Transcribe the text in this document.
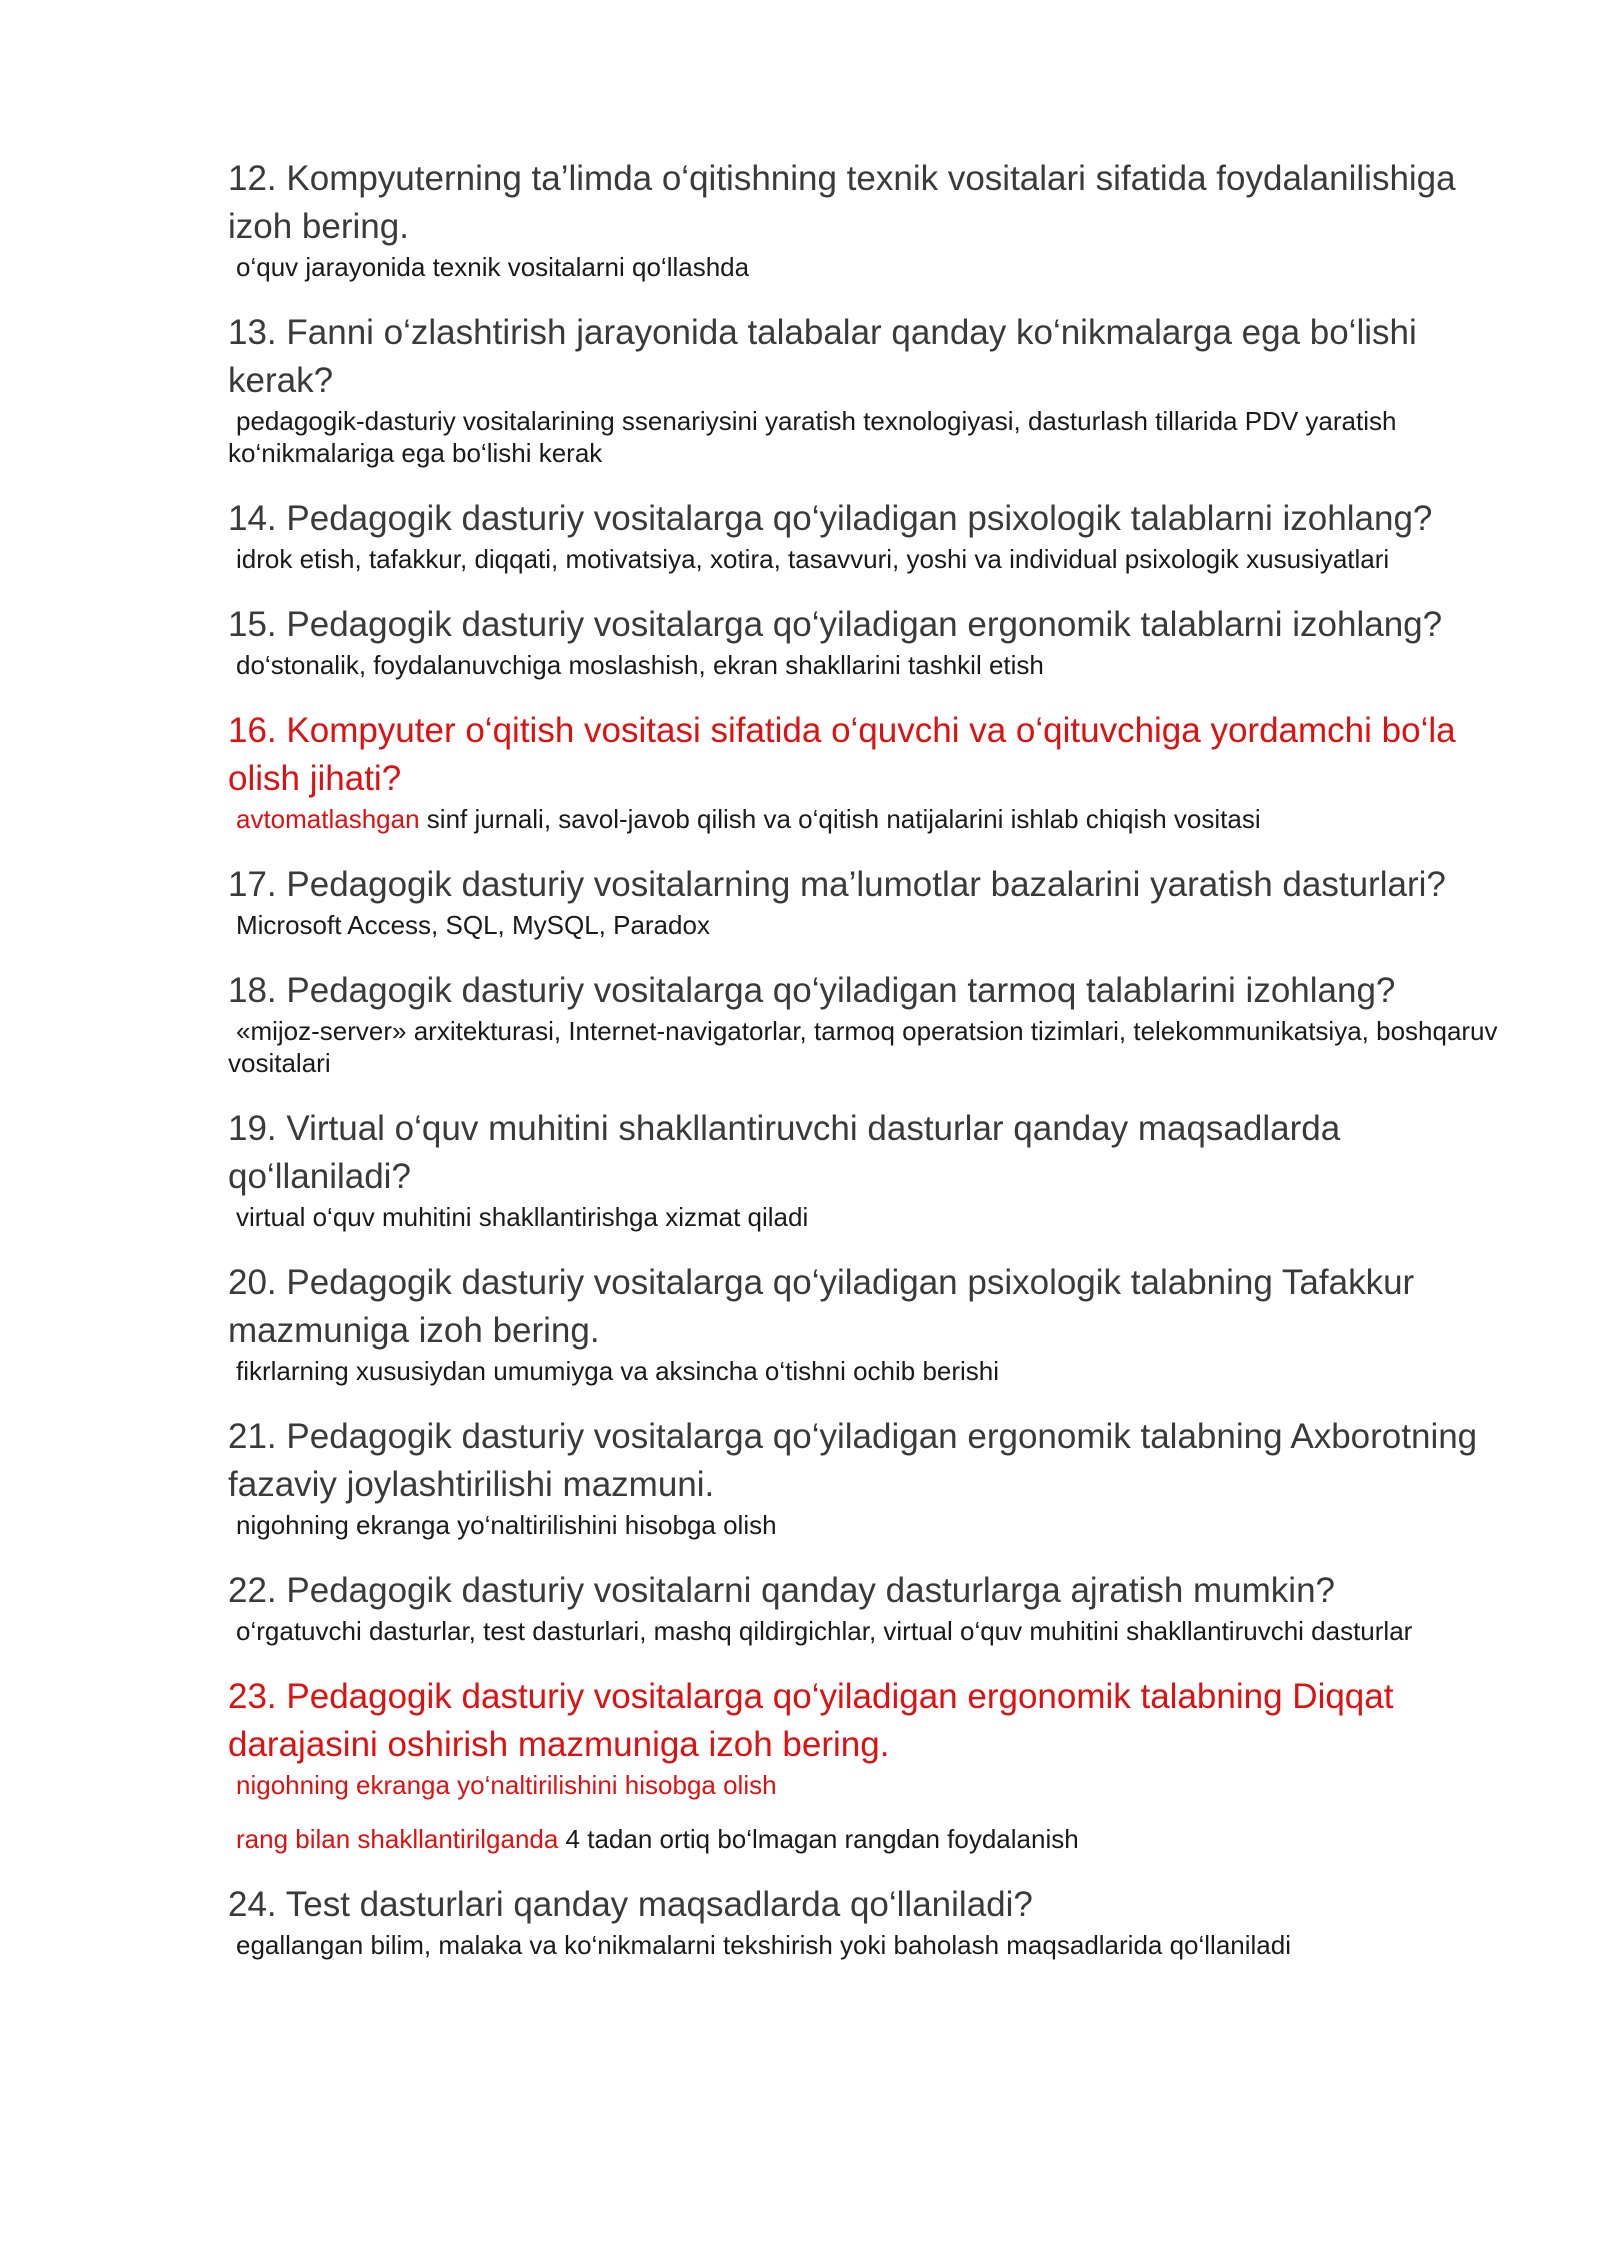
12. Kompyuterning ta’limda o‘qitishning texnik vositalari sifatida foydalanilishiga izoh bering.

o‘quv jarayonida texnik vositalarni qo‘llashda

13. Fanni o‘zlashtirish jarayonida talabalar qanday ko‘nikmalarga ega bo‘lishi kerak?

pedagogik-dasturiy vositalarining ssenariysini yaratish texnologiyasi, dasturlash tillarida PDV yaratish ko‘nikmalariga ega bo‘lishi kerak

14. Pedagogik dasturiy vositalarga qo‘yiladigan psixologik talablarni izohlang?

idrok etish, tafakkur, diqqati, motivatsiya, xotira, tasavvuri, yoshi va individual psixologik xususiyatlari

15. Pedagogik dasturiy vositalarga qo‘yiladigan ergonomik talablarni izohlang?

do‘stonalik, foydalanuvchiga moslashish, ekran shakllarini tashkil etish

16. Kompyuter o‘qitish vositasi sifatida o‘quvchi va o‘qituvchiga yordamchi bo‘la olish jihati?

avtomatlashgan sinf jurnali, savol-javob qilish va o‘qitish natijalarini ishlab chiqish vositasi

17. Pedagogik dasturiy vositalarning ma’lumotlar bazalarini yaratish dasturlari?

Microsoft Access, SQL, MySQL, Paradox

18. Pedagogik dasturiy vositalarga qo‘yiladigan tarmoq talablarini izohlang?

«mijoz-server» arxitekturasi, Internet-navigatorlar, tarmoq operatsion tizimlari, telekommunikatsiya, boshqaruv vositalari

19. Virtual o‘quv muhitini shakllantiruvchi dasturlar qanday maqsadlarda qo‘llaniladi?

virtual o‘quv muhitini shakllantirishga xizmat qiladi

20. Pedagogik dasturiy vositalarga qo‘yiladigan psixologik talabning Tafakkur mazmuniga izoh bering.

fikrlarning xususiydan umumiyga va aksincha o‘tishni ochib berishi

21. Pedagogik dasturiy vositalarga qo‘yiladigan ergonomik talabning Axborotning fazaviy joylashtirilishi mazmuni.

nigohning ekranga yo‘naltirilishini hisobga olish

22. Pedagogik dasturiy vositalarni qanday dasturlarga ajratish mumkin?

o‘rgatuvchi dasturlar, test dasturlari, mashq qildirgichlar, virtual o‘quv muhitini shakllantiruvchi dasturlar

23. Pedagogik dasturiy vositalarga qo‘yiladigan ergonomik talabning Diqqat darajasini oshirish mazmuniga izoh bering.

nigohning ekranga yo‘naltirilishini hisobga olish

rang bilan shakllantirilganda 4 tadan ortiq bo‘lmagan rangdan foydalanish

24. Test dasturlari qanday maqsadlarda qo‘llaniladi?

egallangan bilim, malaka va ko‘nikmalarni tekshirish yoki baholash maqsadlarida qo‘llaniladi
